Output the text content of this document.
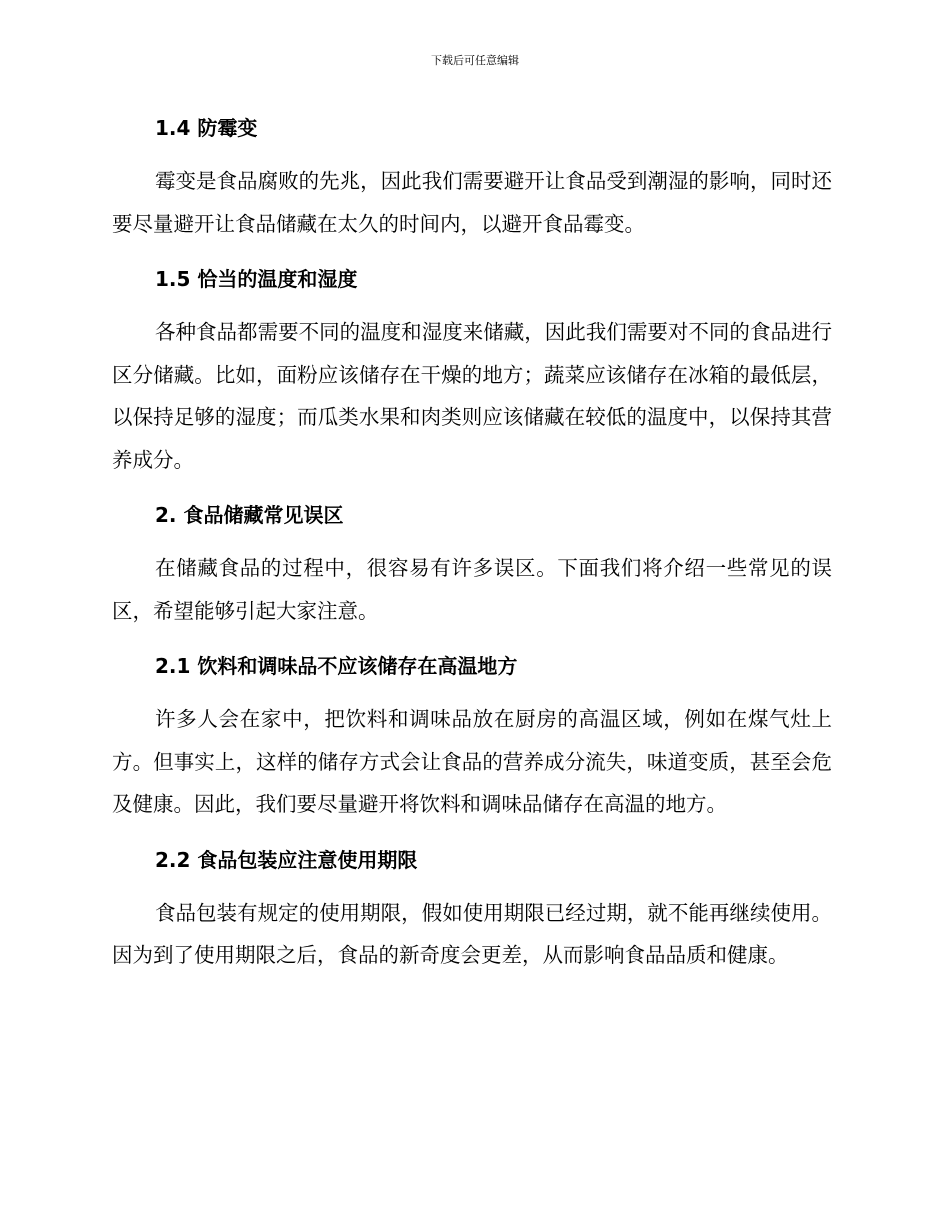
下载后可任意编辑
1.4 防霉变

霉变是食品腐败的先兆，因此我们需要避开让食品受到潮湿的影响，同时还要尽量避开让食品储藏在太久的时间内，以避开食品霉变。

1.5 恰当的温度和湿度

各种食品都需要不同的温度和湿度来储藏，因此我们需要对不同的食品进行区分储藏。比如，面粉应该储存在干燥的地方；蔬菜应该储存在冰箱的最低层，以保持足够的湿度；而瓜类水果和肉类则应该储藏在较低的温度中，以保持其营养成分。

2. 食品储藏常见误区

在储藏食品的过程中，很容易有许多误区。下面我们将介绍一些常见的误区，希望能够引起大家注意。

2.1 饮料和调味品不应该储存在高温地方

许多人会在家中，把饮料和调味品放在厨房的高温区域，例如在煤气灶上方。但事实上，这样的储存方式会让食品的营养成分流失，味道变质，甚至会危及健康。因此，我们要尽量避开将饮料和调味品储存在高温的地方。

2.2 食品包装应注意使用期限

食品包装有规定的使用期限，假如使用期限已经过期，就不能再继续使用。因为到了使用期限之后，食品的新奇度会更差，从而影响食品品质和健康。
